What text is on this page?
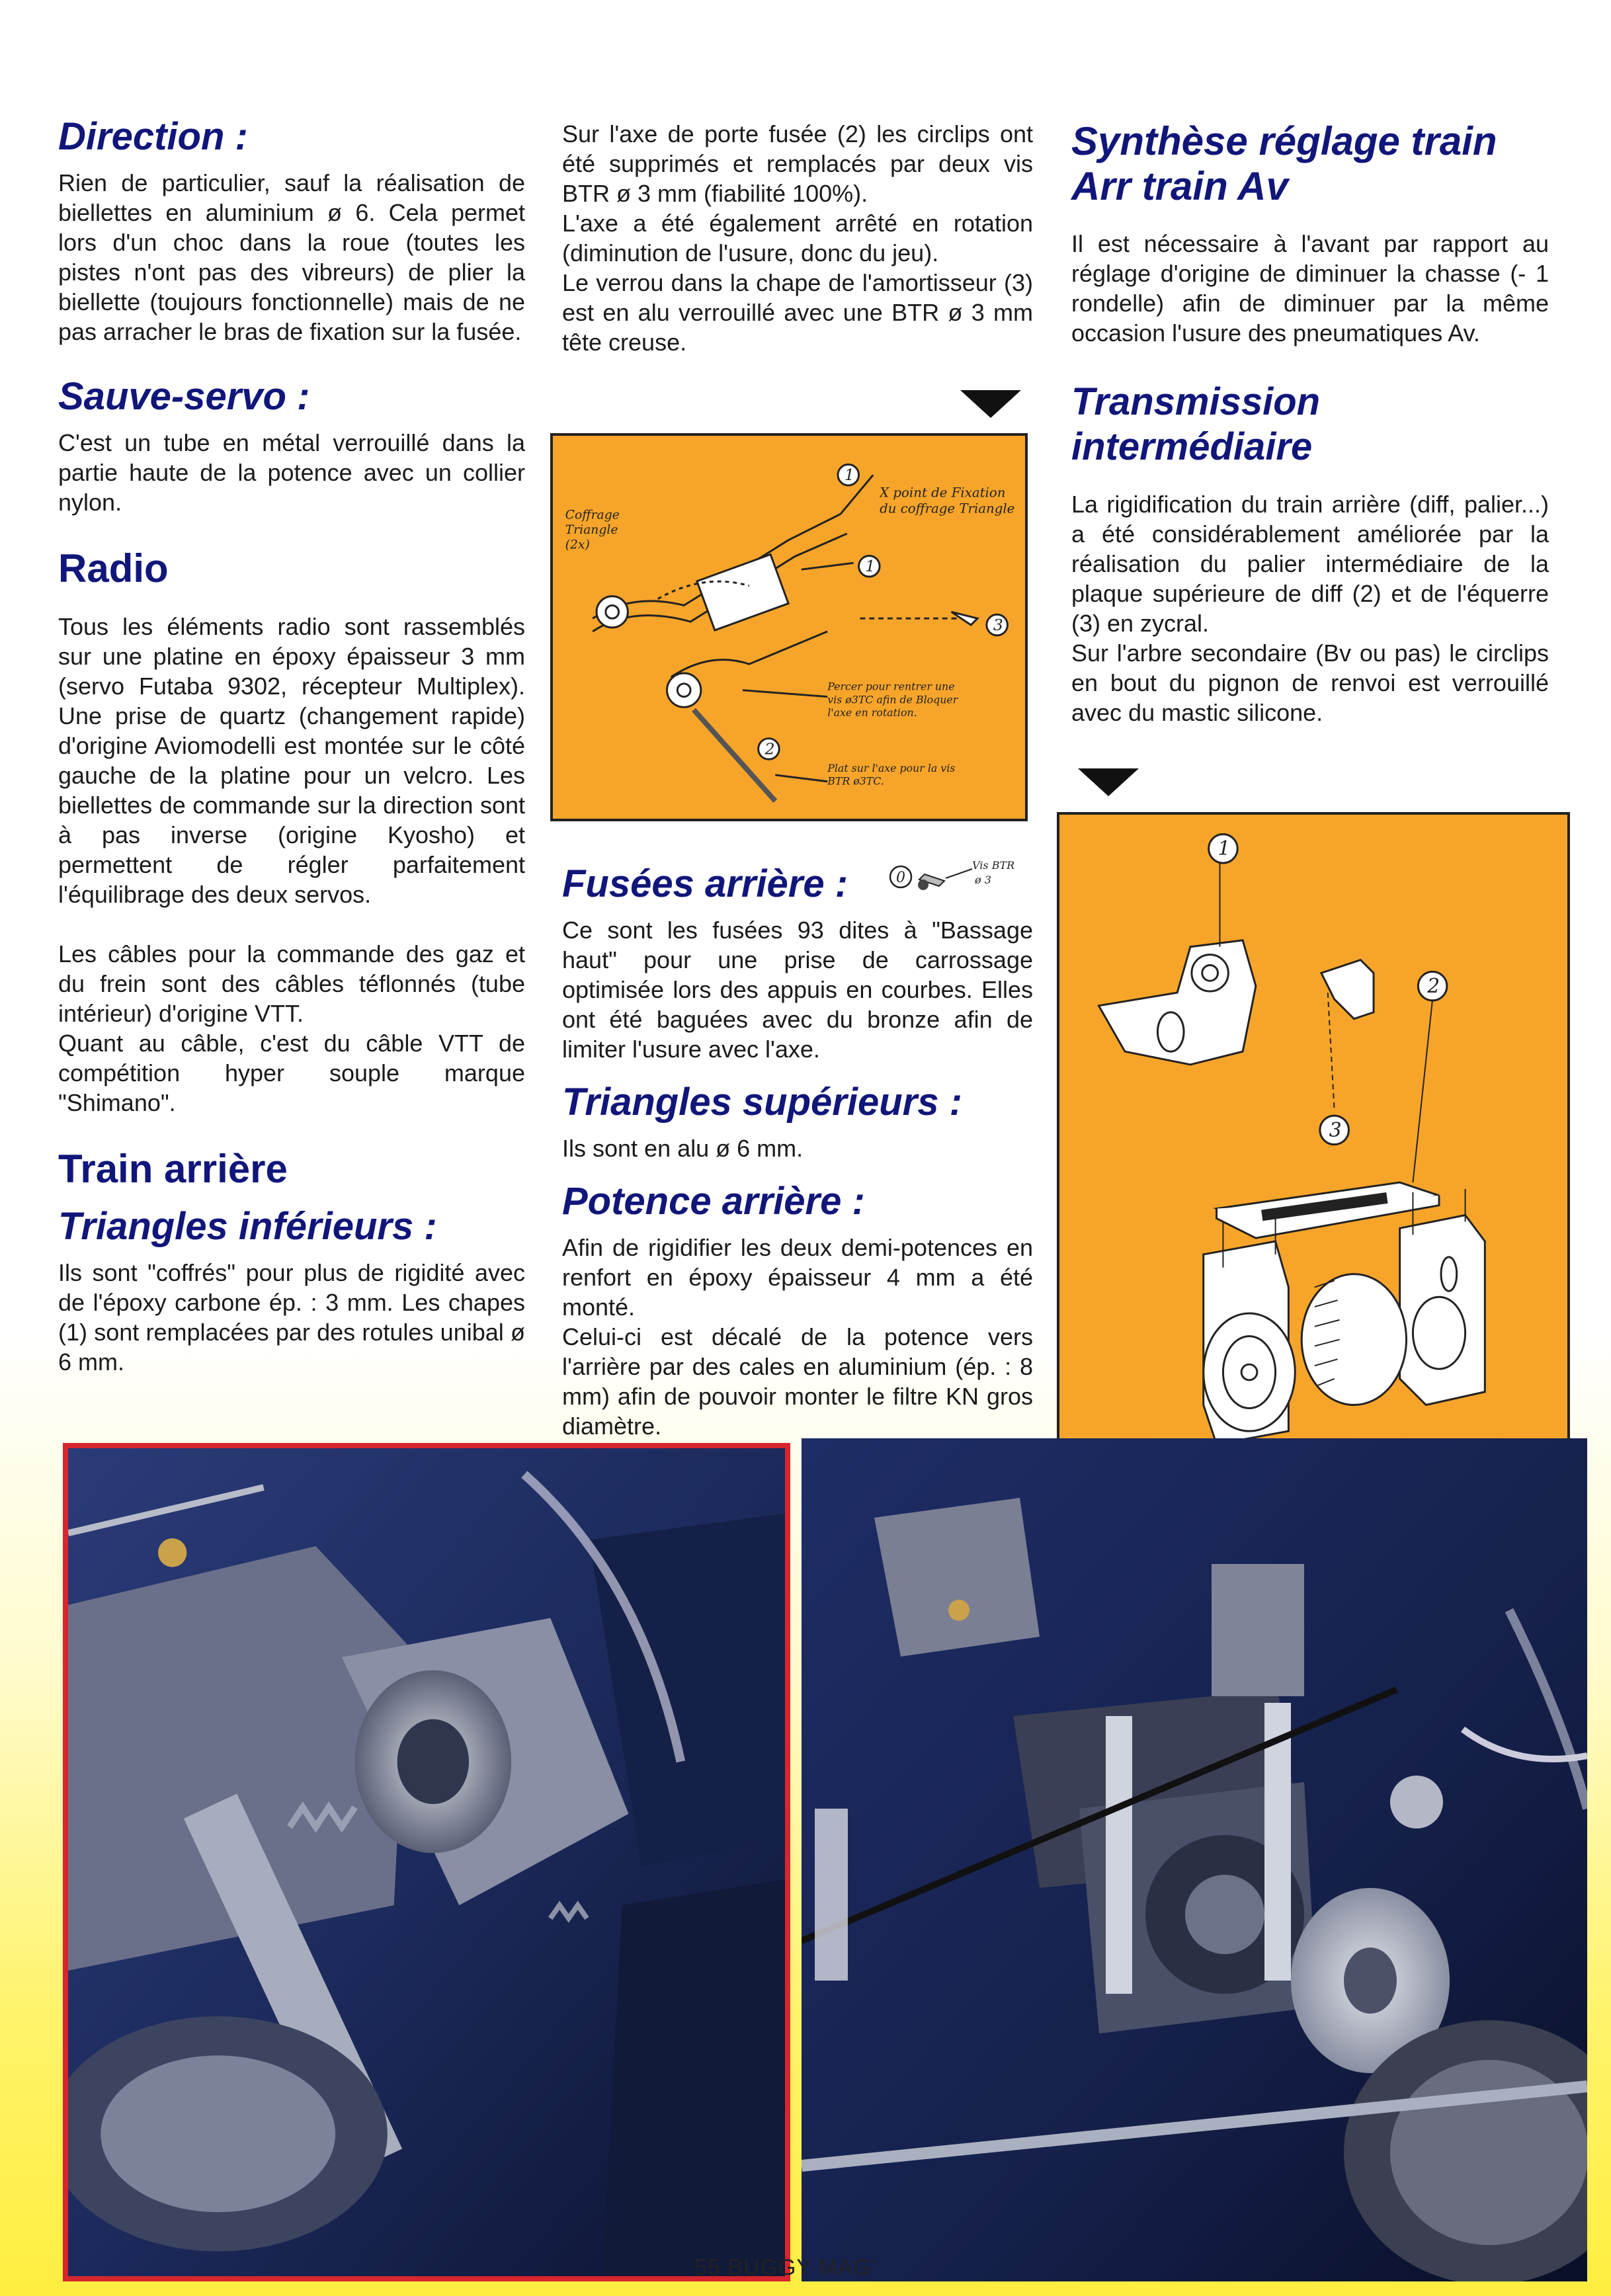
Direction :

Rien de particulier, sauf la réalisation de biellettes en aluminium ø 6. Cela permet lors d'un choc dans la roue (toutes les pistes n'ont pas des vibreurs) de plier la biellette (toujours fonctionnelle) mais de ne pas arracher le bras de fixation sur la fusée.

Sauve-servo :

C'est un tube en métal verrouillé dans la partie haute de la potence avec un collier nylon.

Radio

Tous les éléments radio sont rassemblés sur une platine en époxy épaisseur 3 mm (servo Futaba 9302, récepteur Multiplex). Une prise de quartz (changement rapide) d'origine Aviomodelli est montée sur le côté gauche de la platine pour un velcro. Les biellettes de commande sur la direction sont à pas inverse (origine Kyosho) et permettent de régler parfaitement l'équilibrage des deux servos.

Les câbles pour la commande des gaz et du frein sont des câbles téflonnés (tube intérieur) d'origine VTT.

Quant au câble, c'est du câble VTT de compétition hyper souple marque "Shimano".

Train arrière
Triangles inférieurs :

Ils sont "coffrés" pour plus de rigidité avec de l'époxy carbone ép. : 3 mm. Les chapes (1) sont remplacées par des rotules unibal ø 6 mm.

Sur l'axe de porte fusée (2) les circlips ont été supprimés et remplacés par deux vis BTR ø 3 mm (fiabilité 100%).

L'axe a été également arrêté en rotation (diminution de l'usure, donc du jeu).

Le verrou dans la chape de l'amortisseur (3) est en alu verrouillé avec une BTR ø 3 mm tête creuse.

Fusées arrière :

Ce sont les fusées 93 dites à "Bassage haut" pour une prise de carrossage optimisée lors des appuis en courbes. Elles ont été baguées avec du bronze afin de limiter l'usure avec l'axe.

Triangles supérieurs :

Ils sont en alu ø 6 mm.

Potence arrière :

Afin de rigidifier les deux demi-potences en renfort en époxy épaisseur 4 mm a été monté.

Celui-ci est décalé de la potence vers l'arrière par des cales en aluminium (ép. : 8 mm) afin de pouvoir monter le filtre KN gros diamètre.

Synthèse réglage train Arr train Av

Il est nécessaire à l'avant par rapport au réglage d'origine de diminuer la chasse (- 1 rondelle) afin de diminuer par la même occasion l'usure des pneumatiques Av.

Transmission intermédiaire

La rigidification du train arrière (diff, palier...) a été considérablement améliorée par la réalisation du palier intermédiaire de la plaque supérieure de diff (2) et de l'équerre (3) en zycral.

Sur l'arbre secondaire (Bv ou pas) le circlips en bout du pignon de renvoi est verrouillé avec du mastic silicone.

1
1
3
2
X point de Fixation du coffrage Triangle
Coffrage Triangle (2x)
Percer pour rentrer une vis ø3TC afin de Bloquer l'axe en rotation.
Plat sur l'axe pour la vis BTR ø3TC.
0
Vis BTR
ø 3
1
2
3
55 BUGGY MAG'
